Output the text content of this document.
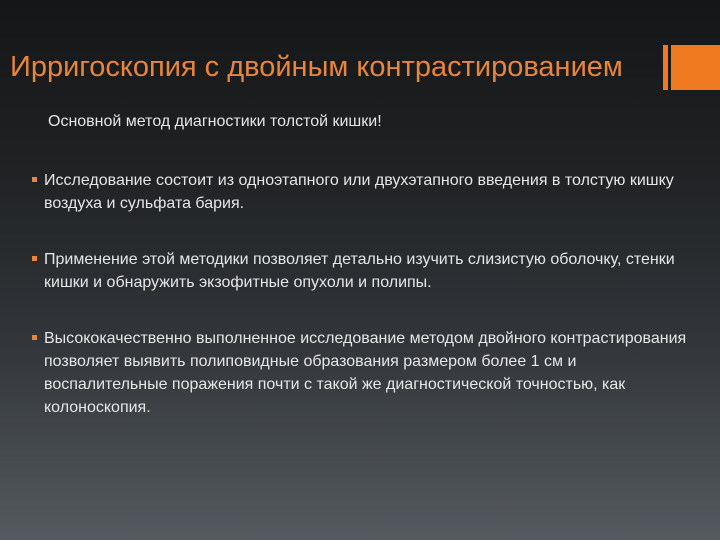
Ирригоскопия с двойным контрастированием
Основной метод диагностики толстой кишки!
Исследование состоит из одноэтапного или двухэтапного введения в толстую кишку воздуха и сульфата бария.
Применение этой методики позволяет детально изучить слизистую оболочку, стенки кишки и обнаружить экзофитные опухоли и полипы.
Высококачественно выполненное исследование методом двойного контрастирования позволяет выявить полиповидные образования размером более 1 см и воспалительные поражения почти с такой же диагностической точностью, как колоноскопия.
